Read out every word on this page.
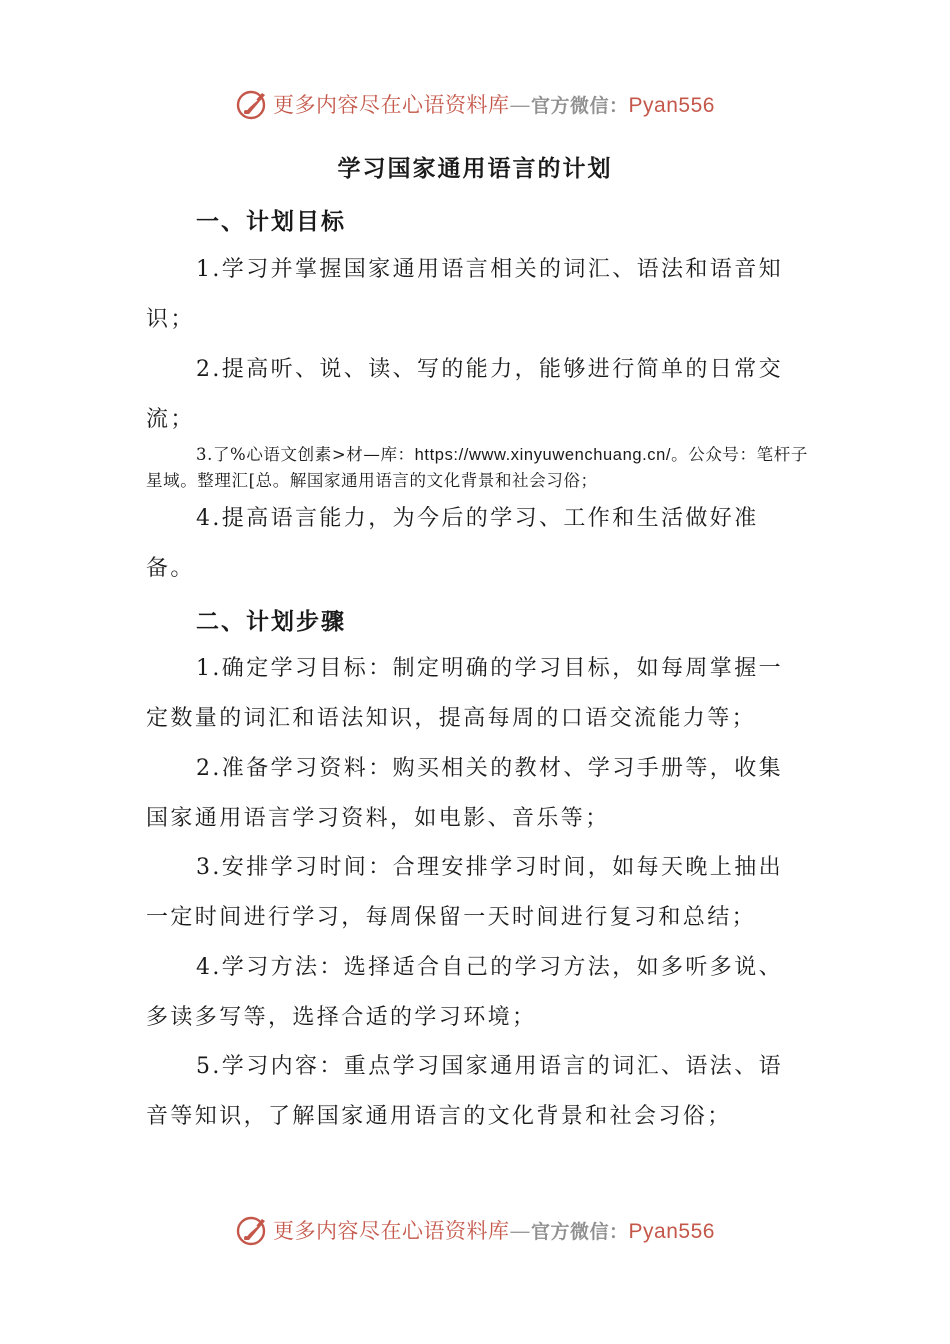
更多内容尽在心语资料库—官方微信：Pyan556
学习国家通用语言的计划
一、计划目标

1.学习并掌握国家通用语言相关的词汇、语法和语音知识；

2.提高听、说、读、写的能力，能够进行简单的日常交流；

3.了%心语文创素>材—库：https://www.xinyuwenchuang.cn/。公众号：笔杆子星域。整理汇[总。解国家通用语言的文化背景和社会习俗；

4.提高语言能力，为今后的学习、工作和生活做好准备。

二、计划步骤

1.确定学习目标：制定明确的学习目标，如每周掌握一定数量的词汇和语法知识，提高每周的口语交流能力等；

2.准备学习资料：购买相关的教材、学习手册等，收集国家通用语言学习资料，如电影、音乐等；

3.安排学习时间：合理安排学习时间，如每天晚上抽出一定时间进行学习，每周保留一天时间进行复习和总结；

4.学习方法：选择适合自己的学习方法，如多听多说、多读多写等，选择合适的学习环境；

5.学习内容：重点学习国家通用语言的词汇、语法、语音等知识，了解国家通用语言的文化背景和社会习俗；

更多内容尽在心语资料库—官方微信：Pyan556
